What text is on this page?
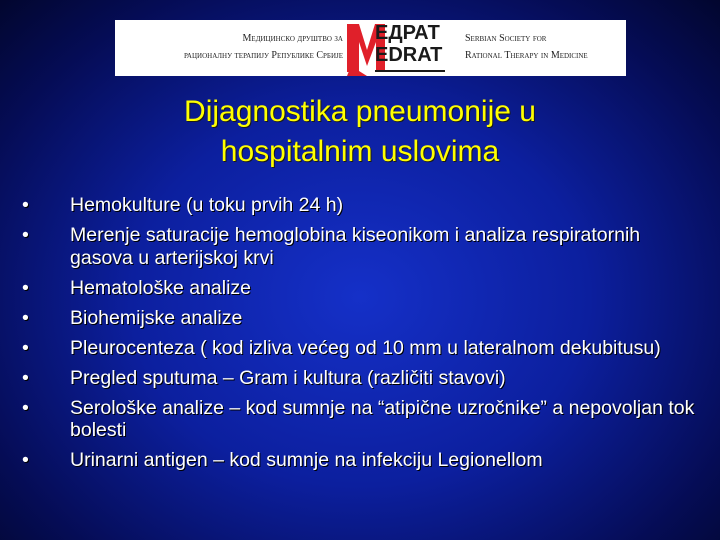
Медицинско друштво за
рационалну терапију Републике Србије
ЕДРАТ
EDRAT
Serbian Society for
Rational Therapy in Medicine
Dijagnostika pneumonije u
hospitalnim uslovima
•	Hemokulture (u toku prvih 24 h)
•	Merenje saturacije hemoglobina kiseonikom i analiza respiratornih gasova u arterijskoj krvi
•	Hematološke analize
•	Biohemijske analize
•	Pleurocenteza ( kod izliva većeg od 10 mm u lateralnom dekubitusu)
•	Pregled sputuma – Gram i kultura (različiti stavovi)
•	Serološke analize – kod sumnje na “atipične uzročnike” a nepovoljan tok bolesti
•	Urinarni antigen – kod sumnje na infekciju Legionellom
